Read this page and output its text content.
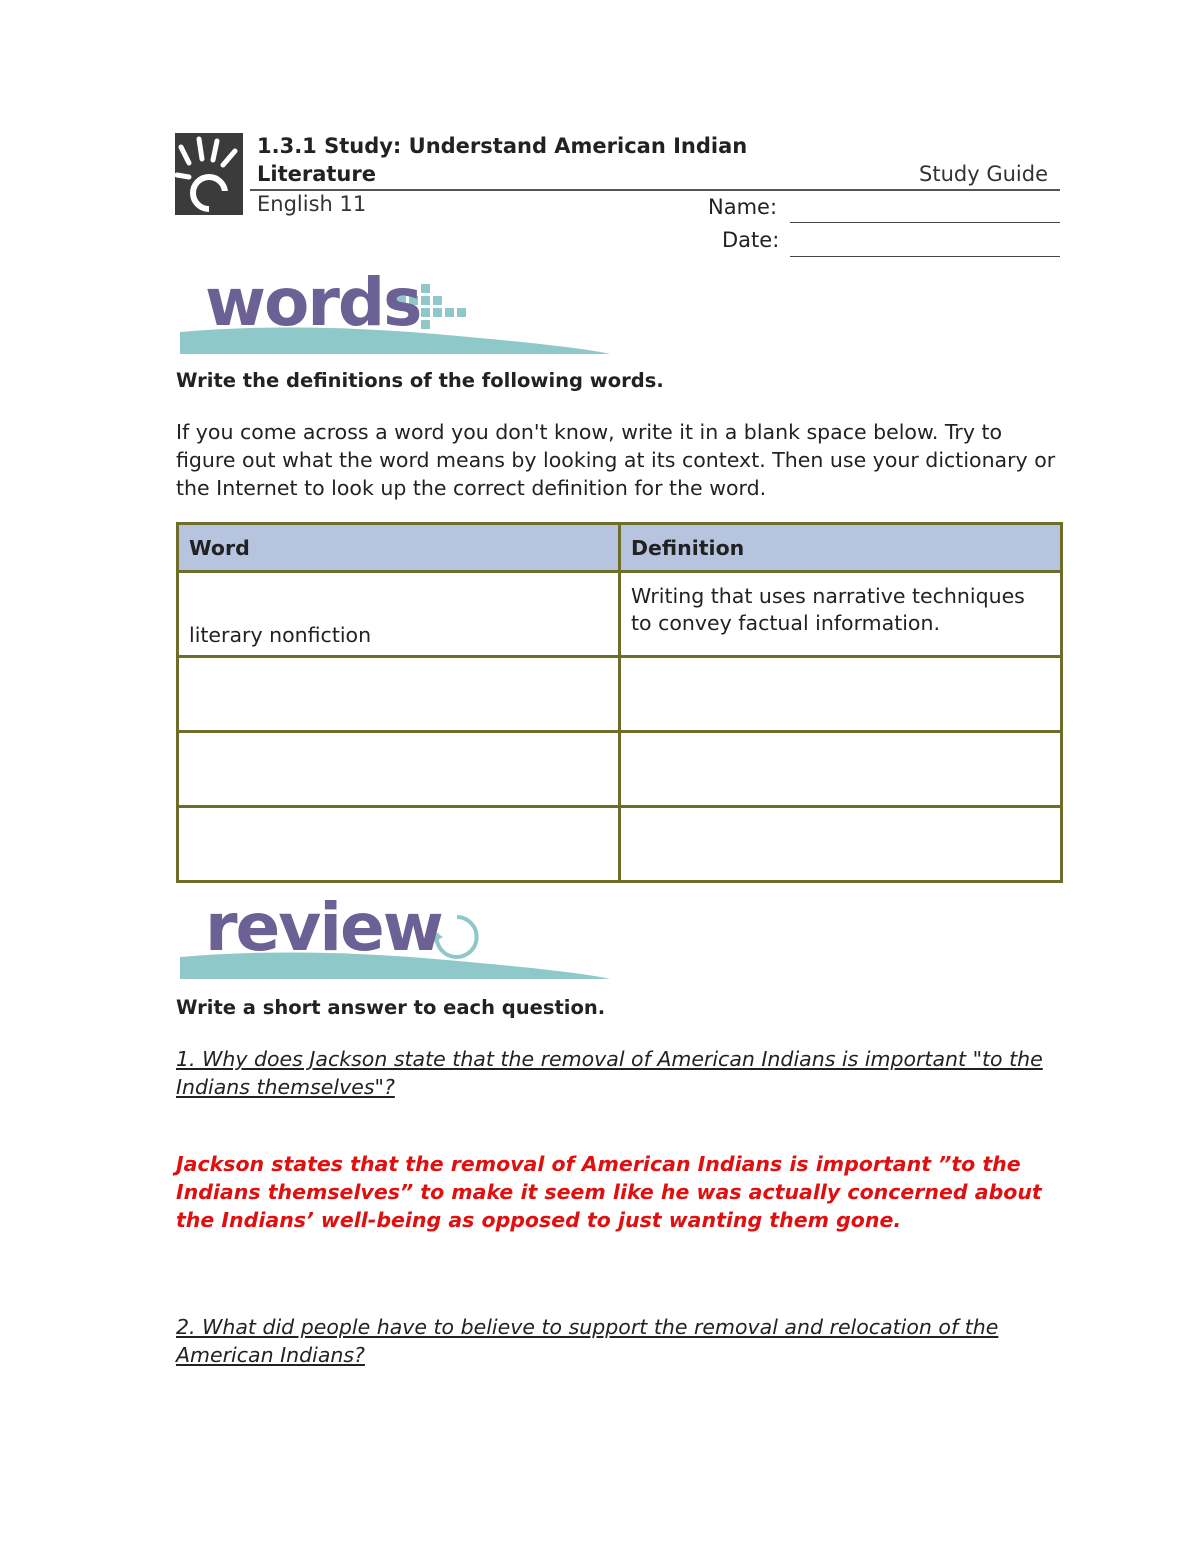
1.3.1 Study: Understand American Indian
Literature	Study Guide
English 11	Name:
Date:
words
Write the definitions of the following words.
If you come across a word you don't know, write it in a blank space below. Try to figure out what the word means by looking at its context. Then use your dictionary or the Internet to look up the correct definition for the word.
Word	Definition
literary nonfiction	Writing that uses narrative techniques to convey factual information.

review
Write a short answer to each question.
1. Why does Jackson state that the removal of American Indians is important "to the Indians themselves"?
Jackson states that the removal of American Indians is important ”to the Indians themselves” to make it seem like he was actually concerned about the Indians’ well-being as opposed to just wanting them gone.
2. What did people have to believe to support the removal and relocation of the American Indians?
